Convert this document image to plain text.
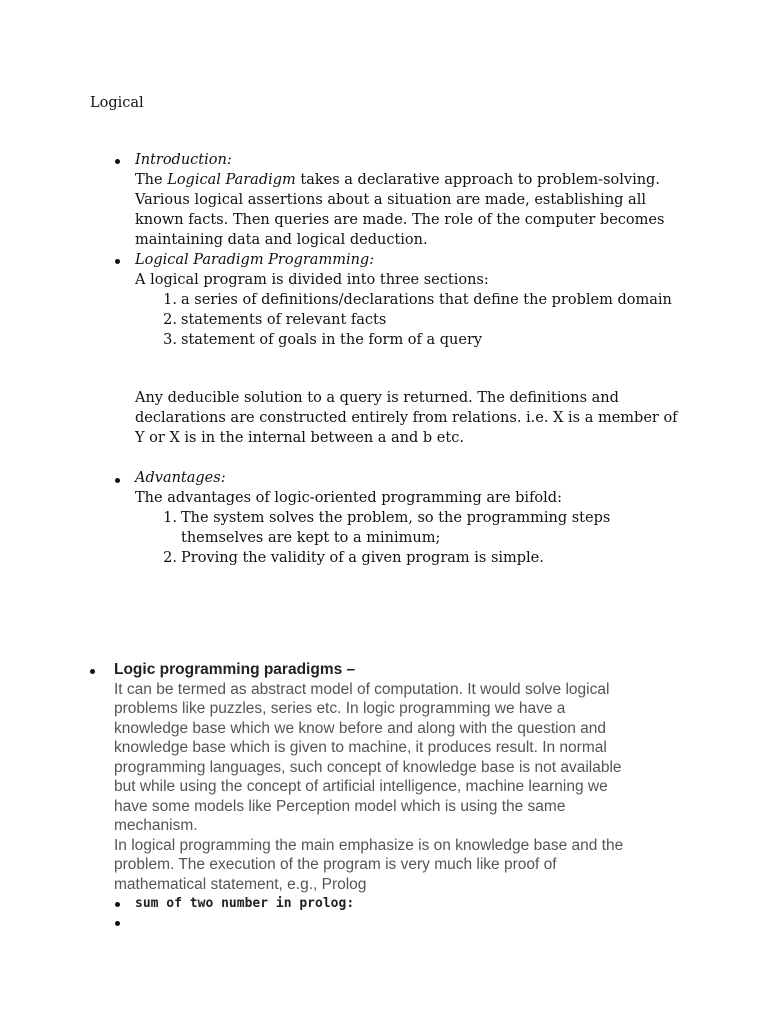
Logical
Introduction:
The Logical Paradigm takes a declarative approach to problem-solving.
Various logical assertions about a situation are made, establishing all
known facts. Then queries are made. The role of the computer becomes
maintaining data and logical deduction.
Logical Paradigm Programming:
A logical program is divided into three sections:
1. a series of definitions/declarations that define the problem domain
2. statements of relevant facts
3. statement of goals in the form of a query
Any deducible solution to a query is returned. The definitions and
declarations are constructed entirely from relations. i.e. X is a member of
Y or X is in the internal between a and b etc.
Advantages:
The advantages of logic-oriented programming are bifold:
1. The system solves the problem, so the programming steps
themselves are kept to a minimum;
2. Proving the validity of a given program is simple.
Logic programming paradigms –
It can be termed as abstract model of computation. It would solve logical
problems like puzzles, series etc. In logic programming we have a
knowledge base which we know before and along with the question and
knowledge base which is given to machine, it produces result. In normal
programming languages, such concept of knowledge base is not available
but while using the concept of artificial intelligence, machine learning we
have some models like Perception model which is using the same
mechanism.
In logical programming the main emphasize is on knowledge base and the
problem. The execution of the program is very much like proof of
mathematical statement, e.g., Prolog
sum of two number in prolog:
